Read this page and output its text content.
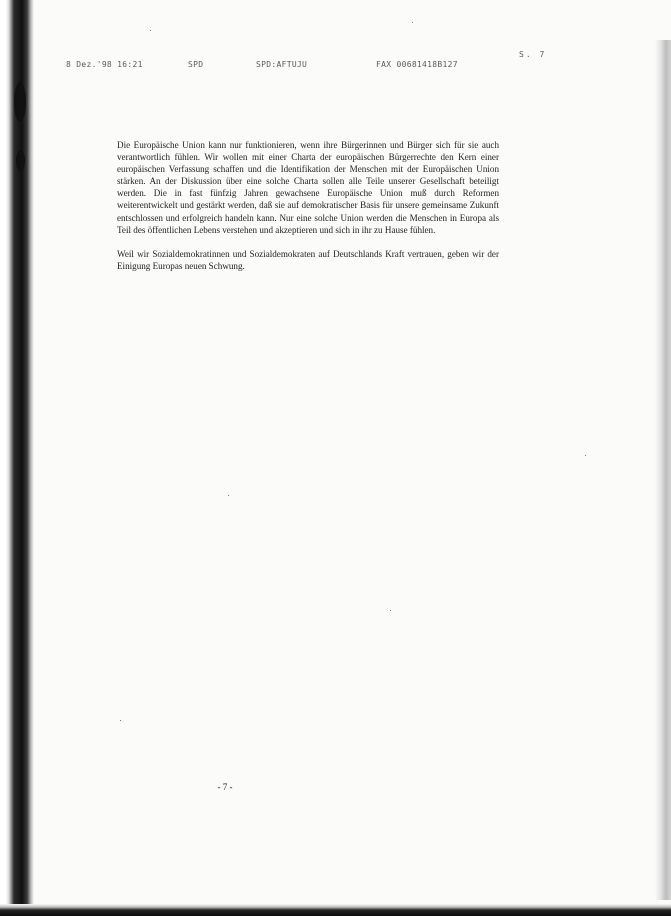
8 Dez.'98 16:21	SPD	SPD:AFTUJU	FAX 00681418B127
S. 7

Die Europäische Union kann nur funktionieren, wenn ihre Bürgerinnen und Bürger sich für sie auch verantwortlich fühlen. Wir wollen mit einer Charta der europäischen Bürgerrechte den Kern einer europäischen Verfassung schaffen und die Identifikation der Menschen mit der Europäischen Union stärken. An der Diskussion über eine solche Charta sollen alle Teile unserer Gesellschaft beteiligt werden. Die in fast fünfzig Jahren gewachsene Europäische Union muß durch Reformen weiterentwickelt und gestärkt werden, daß sie auf demokratischer Basis für unsere gemeinsame Zukunft entschlossen und erfolgreich handeln kann. Nur eine solche Union werden die Menschen in Europa als Teil des öffentlichen Lebens verstehen und akzeptieren und sich in ihr zu Hause fühlen.

Weil wir Sozialdemokratinnen und Sozialdemokraten auf Deutschlands Kraft vertrauen, geben wir der Einigung Europas neuen Schwung.

- 7 -
